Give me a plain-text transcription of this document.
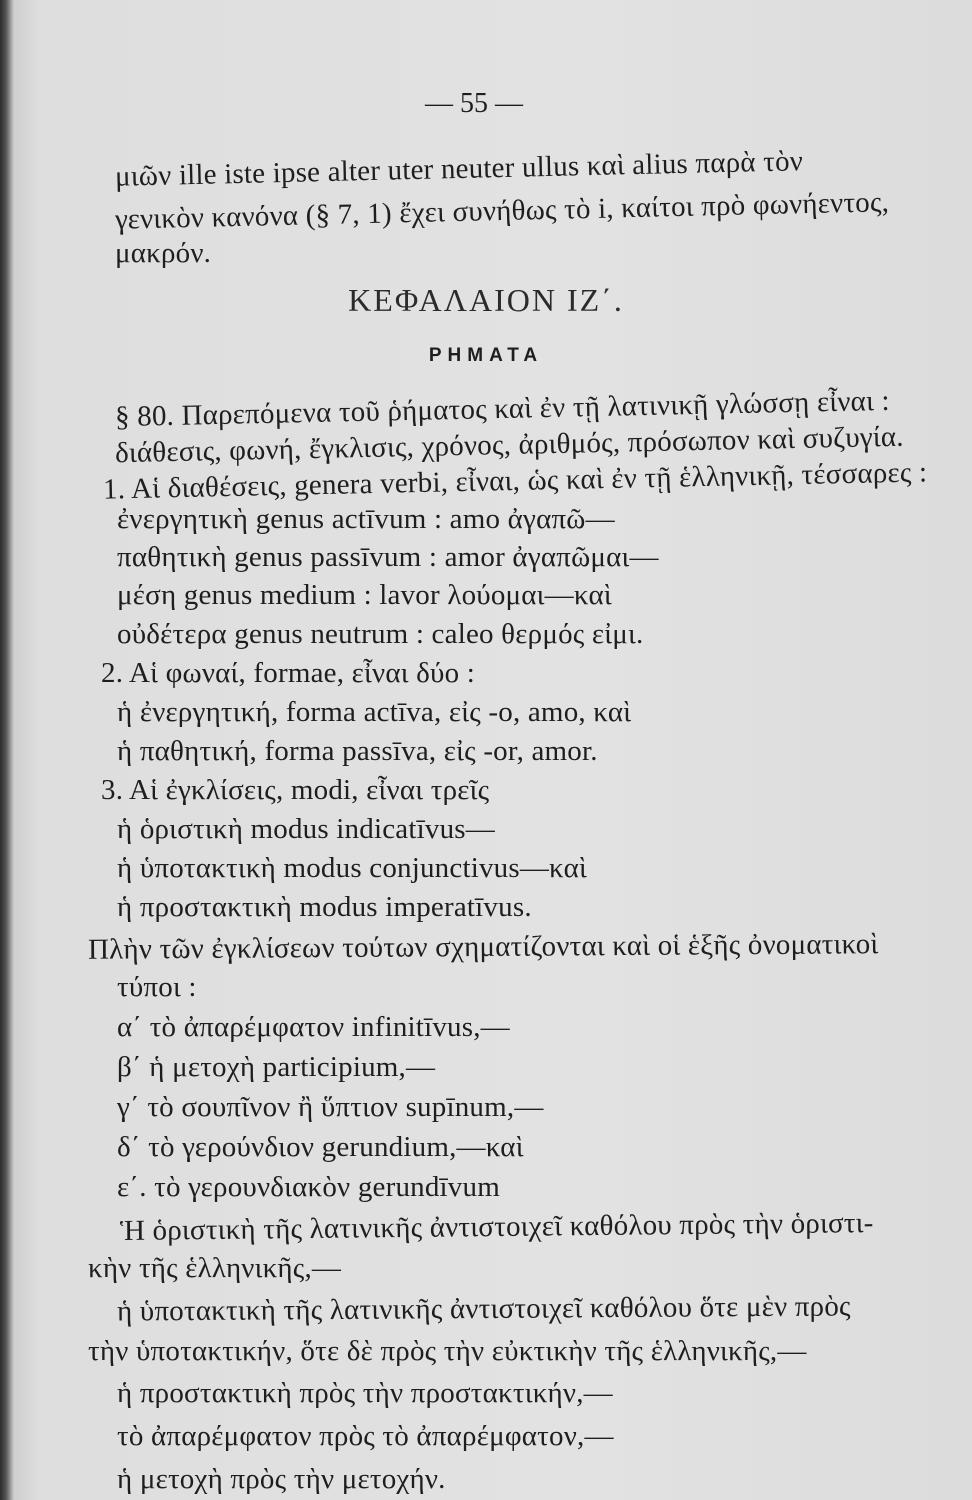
— 55 —
μιῶν ille iste ipse alter uter neuter ullus καὶ alius παρὰ τὸν
γενικὸν κανόνα (§ 7, 1) ἔχει συνήθως τὸ i, καίτοι πρὸ φωνήεντος,
μακρόν.
ΚΕΦΑΛΑΙΟΝ ΙΖ΄.
ΡΗΜΑΤΑ
§ 80. Παρεπόμενα τοῦ ῥήματος καὶ ἐν τῇ λατινικῇ γλώσσῃ εἶναι :
διάθεσις, φωνή, ἔγκλισις, χρόνος, ἀριθμός, πρόσωπον καὶ συζυγία.
1. Αἱ διαθέσεις, genera verbi, εἶναι, ὡς καὶ ἐν τῇ ἑλληνικῇ, τέσσαρες :
ἐνεργητικὴ genus actīvum : amo ἀγαπῶ—
παθητικὴ genus passīvum : amor ἀγαπῶμαι—
μέση genus medium : lavor λούομαι—καὶ
οὐδέτερα genus neutrum : caleo θερμός εἰμι.
2. Αἱ φωναί, formae, εἶναι δύο :
ἡ ἐνεργητική, forma actīva, εἰς -o, amo, καὶ
ἡ παθητική, forma passīva, εἰς -or, amor.
3. Αἱ ἐγκλίσεις, modi, εἶναι τρεῖς
ἡ ὁριστικὴ modus indicatīvus—
ἡ ὑποτακτικὴ modus conjunctivus—καὶ
ἡ προστακτικὴ modus imperatīvus.
Πλὴν τῶν ἐγκλίσεων τούτων σχηματίζονται καὶ οἱ ἑξῆς ὀνοματικοὶ
τύποι :
α΄ τὸ ἀπαρέμφατον infinitīvus,—
β΄ ἡ μετοχὴ participium,—
γ΄ τὸ σουπῖνον ἢ ὕπτιον supīnum,—
δ΄ τὸ γερούνδιον gerundium,—καὶ
ε΄. τὸ γερουνδιακὸν gerundīvum
Ἡ ὁριστικὴ τῆς λατινικῆς ἀντιστοιχεῖ καθόλου πρὸς τὴν ὁριστι-
κὴν τῆς ἑλληνικῆς,—
ἡ ὑποτακτικὴ τῆς λατινικῆς ἀντιστοιχεῖ καθόλου ὅτε μὲν πρὸς
τὴν ὑποτακτικήν, ὅτε δὲ πρὸς τὴν εὐκτικὴν τῆς ἑλληνικῆς,—
ἡ προστακτικὴ πρὸς τὴν προστακτικήν,—
τὸ ἀπαρέμφατον πρὸς τὸ ἀπαρέμφατον,—
ἡ μετοχὴ πρὸς τὴν μετοχήν.
